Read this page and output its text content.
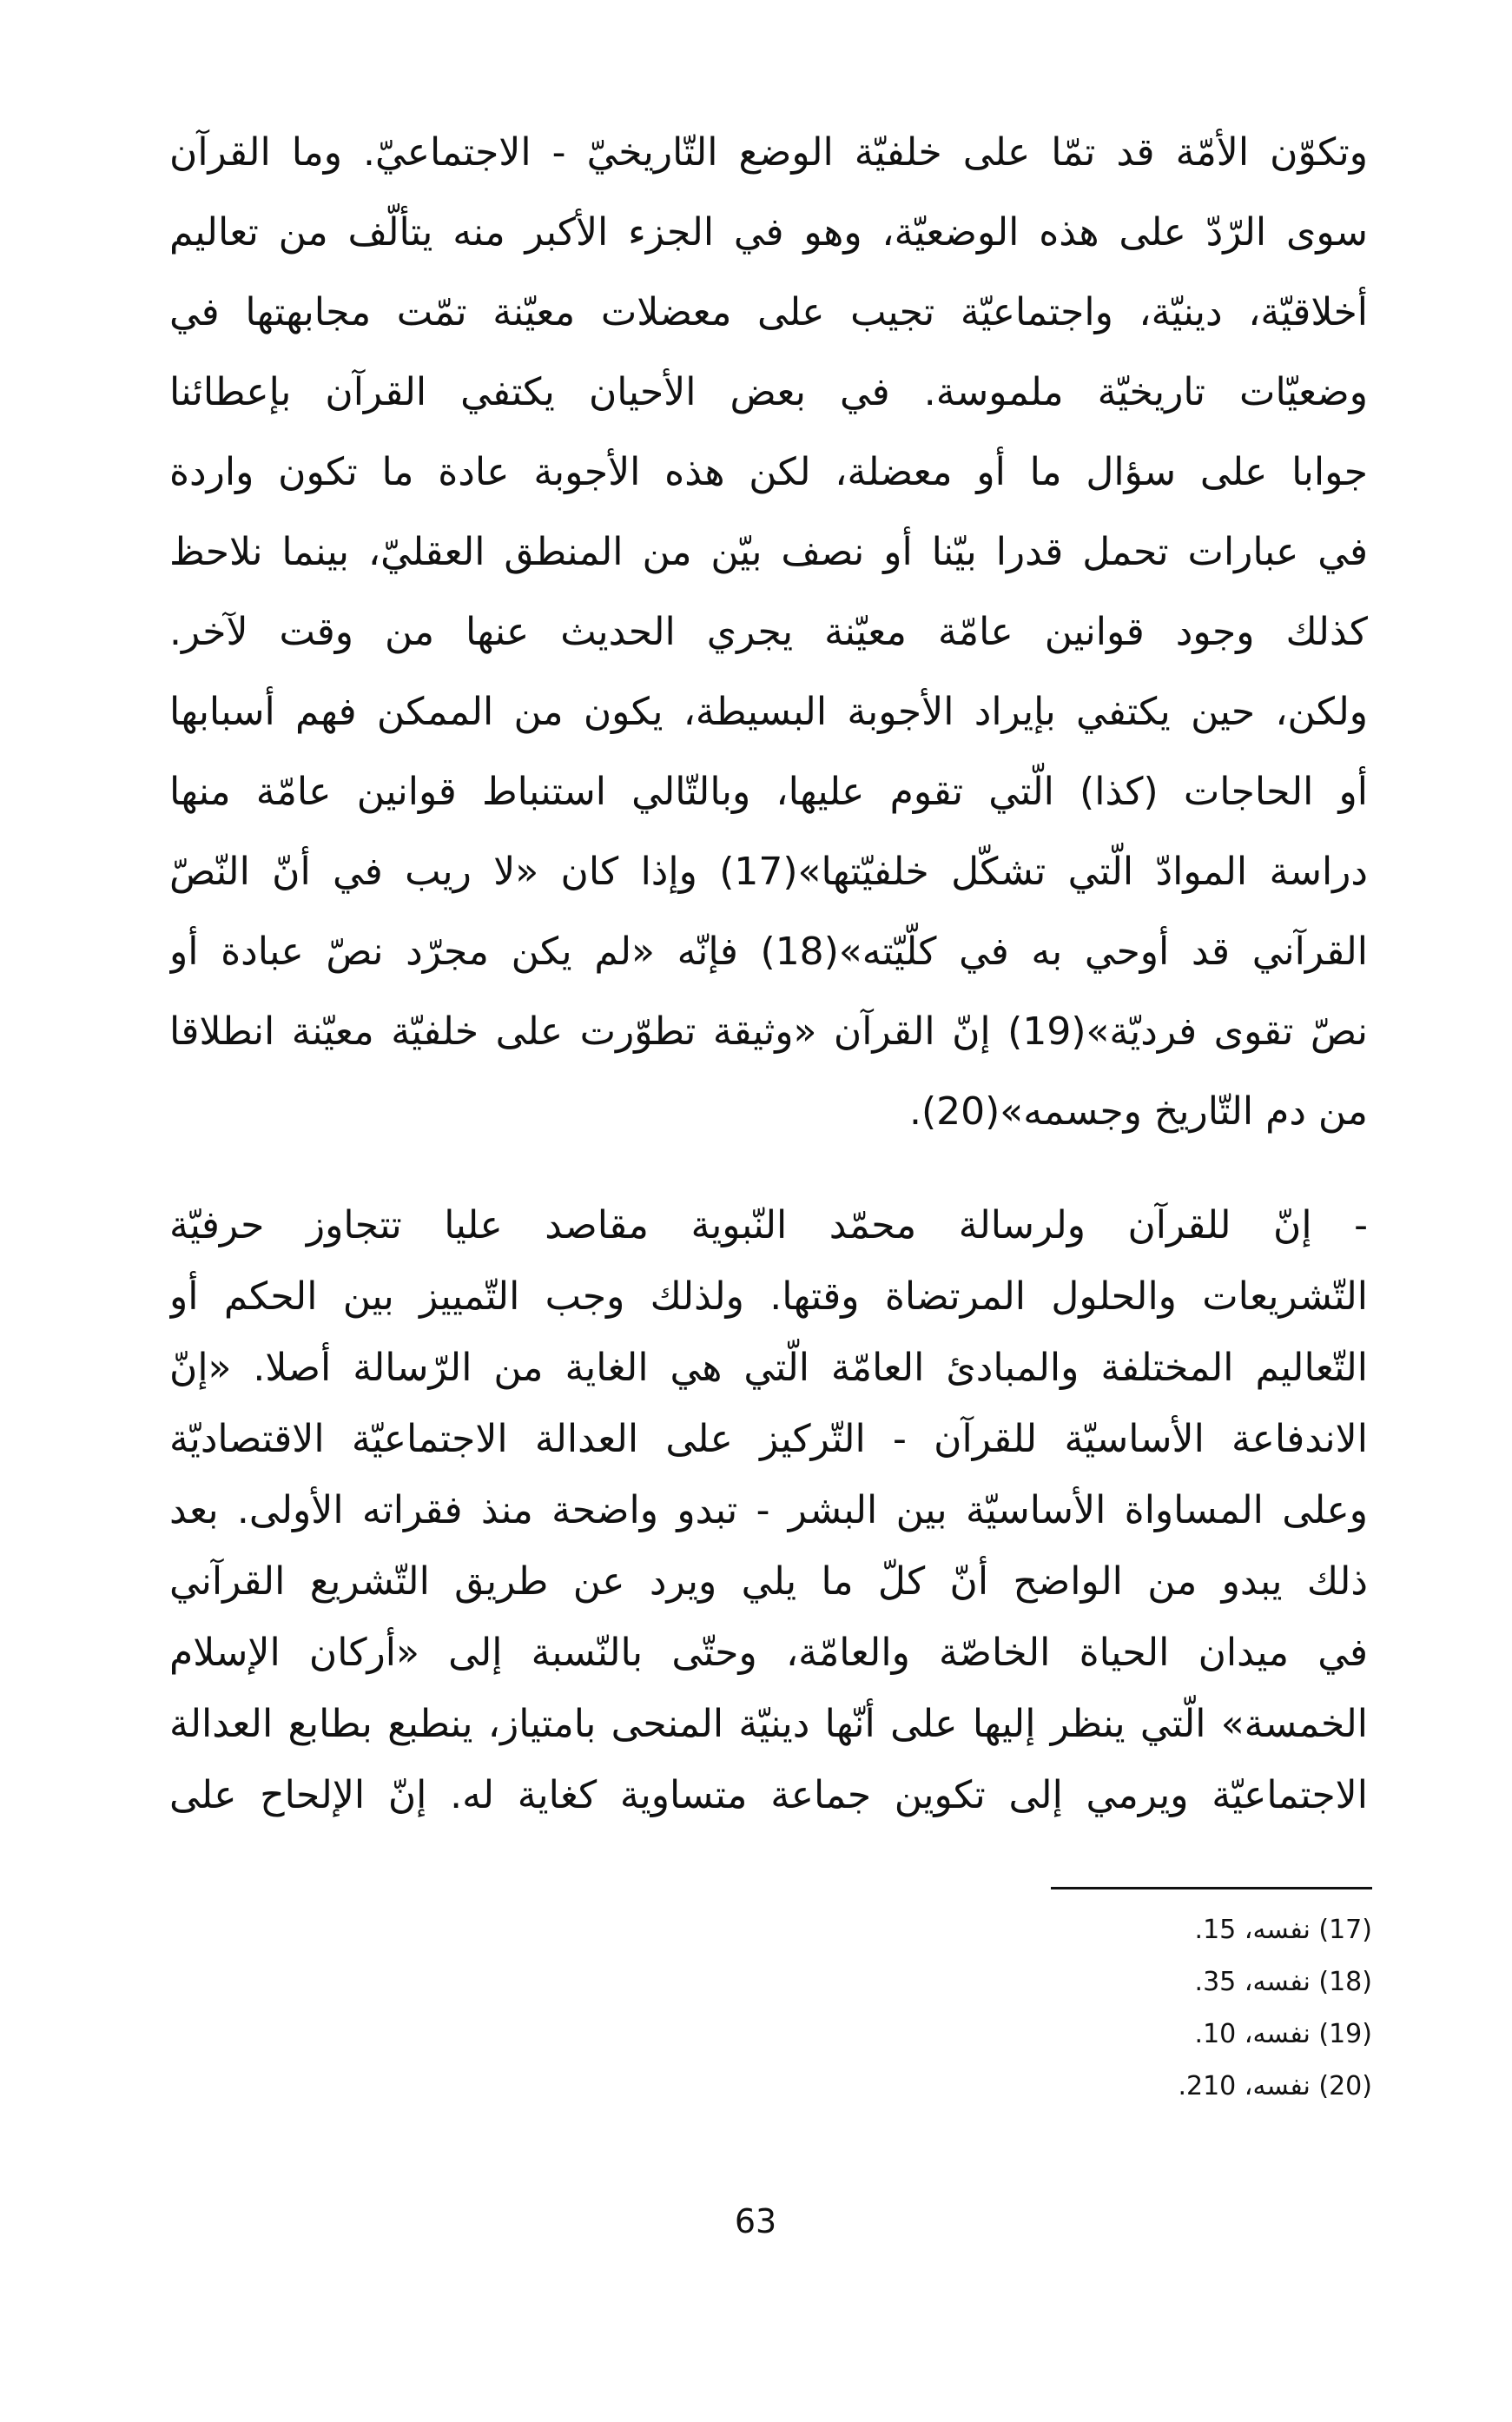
وتكوّن الأمّة قد تمّا على خلفيّة الوضع التّاريخيّ - الاجتماعيّ. وما القرآن
سوى الرّدّ على هذه الوضعيّة، وهو في الجزء الأكبر منه يتألّف من تعاليم
أخلاقيّة، دينيّة، واجتماعيّة تجيب على معضلات معيّنة تمّت مجابهتها في
وضعيّات تاريخيّة ملموسة. في بعض الأحيان يكتفي القرآن بإعطائنا
جوابا على سؤال ما أو معضلة، لكن هذه الأجوبة عادة ما تكون واردة
في عبارات تحمل قدرا بيّنا أو نصف بيّن من المنطق العقليّ، بينما نلاحظ
كذلك وجود قوانين عامّة معيّنة يجري الحديث عنها من وقت لآخر.
ولكن، حين يكتفي بإيراد الأجوبة البسيطة، يكون من الممكن فهم أسبابها
أو الحاجات (كذا) الّتي تقوم عليها، وبالتّالي استنباط قوانين عامّة منها
دراسة الموادّ الّتي تشكّل خلفيّتها»(17) وإذا كان «لا ريب في أنّ النّصّ
القرآني قد أوحي به في كلّيّته»(18) فإنّه «لم يكن مجرّد نصّ عبادة أو
نصّ تقوى فرديّة»(19) إنّ القرآن «وثيقة تطوّرت على خلفيّة معيّنة انطلاقا
من دم التّاريخ وجسمه»(20).
- إنّ للقرآن ولرسالة محمّد النّبوية مقاصد عليا تتجاوز حرفيّة
التّشريعات والحلول المرتضاة وقتها. ولذلك وجب التّمييز بين الحكم أو
التّعاليم المختلفة والمبادئ العامّة الّتي هي الغاية من الرّسالة أصلا. «إنّ
الاندفاعة الأساسيّة للقرآن - التّركيز على العدالة الاجتماعيّة الاقتصاديّة
وعلى المساواة الأساسيّة بين البشر - تبدو واضحة منذ فقراته الأولى. بعد
ذلك يبدو من الواضح أنّ كلّ ما يلي ويرد عن طريق التّشريع القرآني
في ميدان الحياة الخاصّة والعامّة، وحتّى بالنّسبة إلى «أركان الإسلام
الخمسة» الّتي ينظر إليها على أنّها دينيّة المنحى بامتياز، ينطبع بطابع العدالة
الاجتماعيّة ويرمي إلى تكوين جماعة متساوية كغاية له. إنّ الإلحاح على
(17) نفسه، 15.
(18) نفسه، 35.
(19) نفسه، 10.
(20) نفسه، 210.
63
